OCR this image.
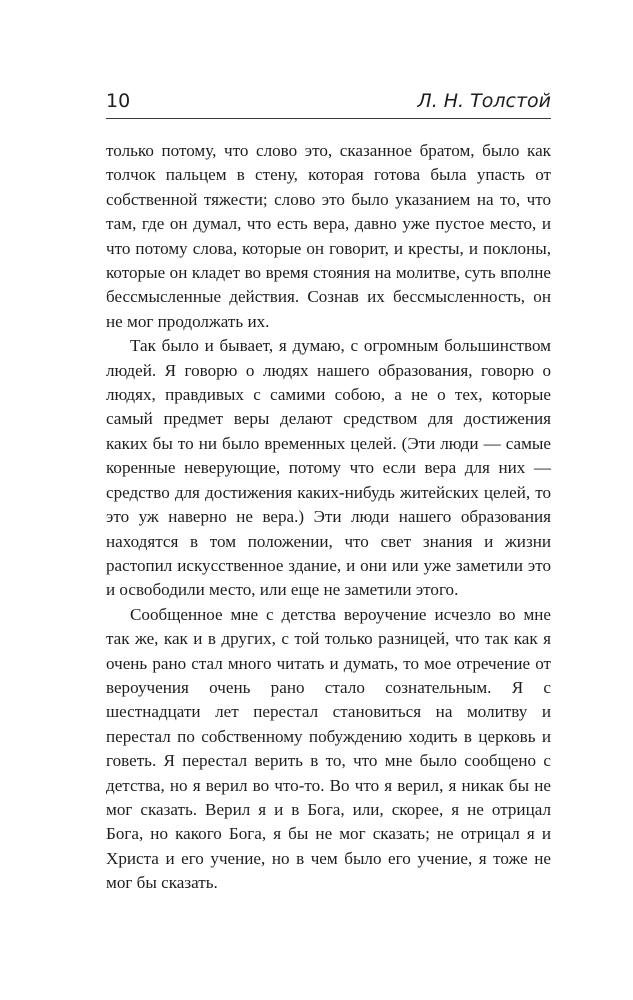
10	Л. Н. Толстой

только потому, что слово это, сказанное братом, было как толчок пальцем в стену, которая готова была упасть от собственной тяжести; слово это было указанием на то, что там, где он думал, что есть вера, давно уже пустое место, и что потому слова, которые он говорит, и кресты, и поклоны, которые он кладет во время стояния на молитве, суть вполне бессмысленные действия. Сознав их бессмысленность, он не мог продолжать их.

Так было и бывает, я думаю, с огромным большинством людей. Я говорю о людях нашего образования, говорю о людях, правдивых с самими собою, а не о тех, которые самый предмет веры делают средством для достижения каких бы то ни было временных целей. (Эти люди — самые коренные неверующие, потому что если вера для них — средство для достижения каких-нибудь житейских целей, то это уж наверно не вера.) Эти люди нашего образования находятся в том положении, что свет знания и жизни растопил искусственное здание, и они или уже заметили это и освободили место, или еще не заметили этого.

Сообщенное мне с детства вероучение исчезло во мне так же, как и в других, с той только разницей, что так как я очень рано стал много читать и думать, то мое отречение от вероучения очень рано стало сознательным. Я с шестнадцати лет перестал становиться на молитву и перестал по собственному побуждению ходить в церковь и говеть. Я перестал верить в то, что мне было сообщено с детства, но я верил во что-то. Во что я верил, я никак бы не мог сказать. Верил я и в Бога, или, скорее, я не отрицал Бога, но какого Бога, я бы не мог сказать; не отрицал я и Христа и его учение, но в чем было его учение, я тоже не мог бы сказать.
